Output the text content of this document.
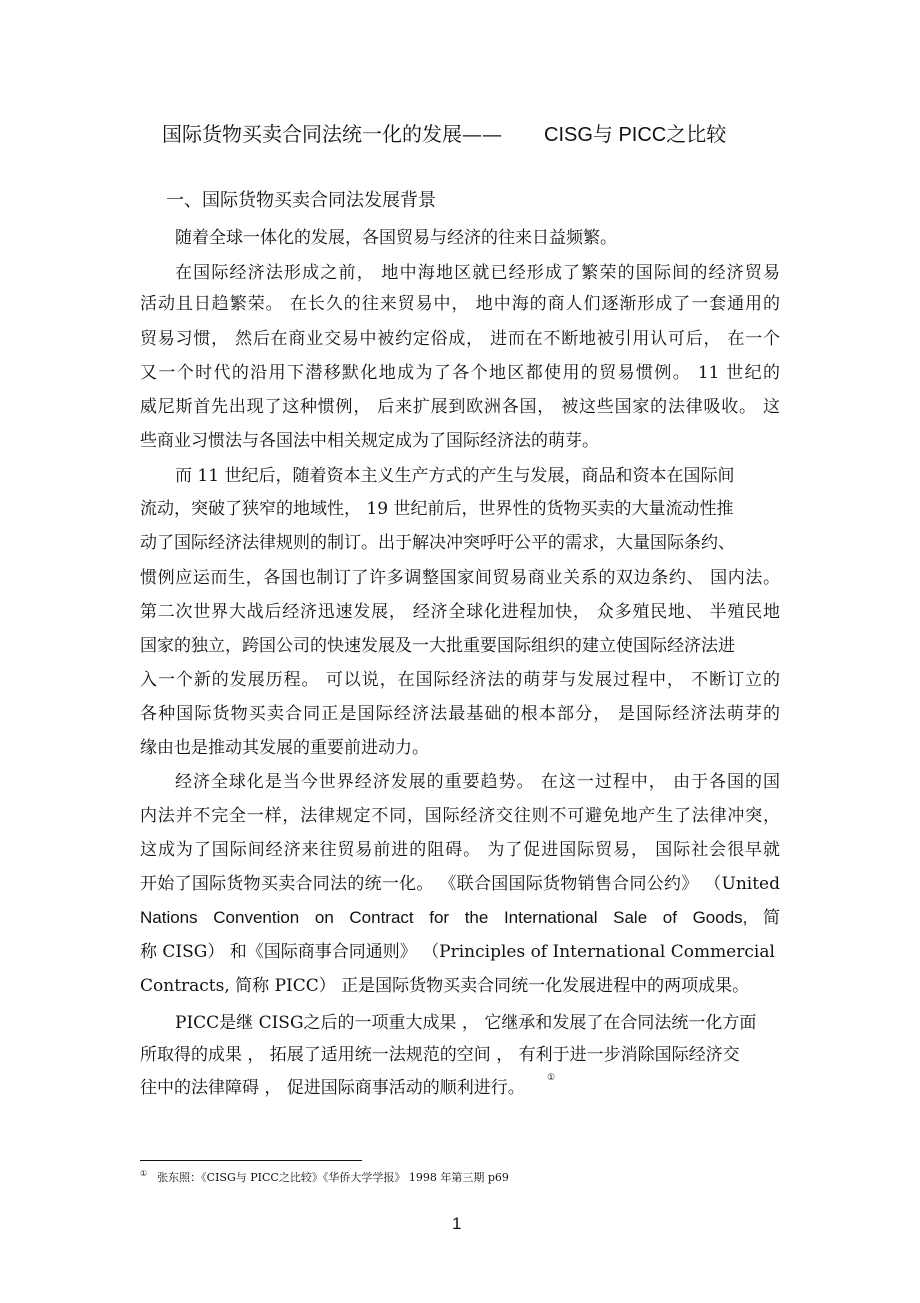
国际货物买卖合同法统一化的发展—— CISG与 PICC之比较
一、国际货物买卖合同法发展背景
随着全球一体化的发展，各国贸易与经济的往来日益频繁。
在国际经济法形成之前， 地中海地区就已经形成了繁荣的国际间的经济贸易
活动且日趋繁荣。 在长久的往来贸易中， 地中海的商人们逐渐形成了一套通用的
贸易习惯， 然后在商业交易中被约定俗成， 进而在不断地被引用认可后， 在一个
又一个时代的沿用下潜移默化地成为了各个地区都使用的贸易惯例。 11 世纪的
威尼斯首先出现了这种惯例， 后来扩展到欧洲各国， 被这些国家的法律吸收。 这
些商业习惯法与各国法中相关规定成为了国际经济法的萌芽。
而 11 世纪后，随着资本主义生产方式的产生与发展，商品和资本在国际间
流动，突破了狭窄的地域性， 19 世纪前后，世界性的货物买卖的大量流动性推
动了国际经济法律规则的制订。出于解决冲突呼吁公平的需求，大量国际条约、
惯例应运而生，各国也制订了许多调整国家间贸易商业关系的双边条约、 国内法。
第二次世界大战后经济迅速发展， 经济全球化进程加快， 众多殖民地、 半殖民地
国家的独立，跨国公司的快速发展及一大批重要国际组织的建立使国际经济法进
入一个新的发展历程。 可以说，在国际经济法的萌芽与发展过程中， 不断订立的
各种国际货物买卖合同正是国际经济法最基础的根本部分， 是国际经济法萌芽的
缘由也是推动其发展的重要前进动力。
经济全球化是当今世界经济发展的重要趋势。 在这一过程中， 由于各国的国
内法并不完全一样，法律规定不同，国际经济交往则不可避免地产生了法律冲突，
这成为了国际间经济来往贸易前进的阻碍。 为了促进国际贸易， 国际社会很早就
开始了国际货物买卖合同法的统一化。 《联合国国际货物销售合同公约》 （United
Nations Convention on Contract for the International Sale of Goods, 简
称 CISG） 和《国际商事合同通则》 （Principles of International Commercial
Contracts, 简称 PICC） 正是国际货物买卖合同统一化发展进程中的两项成果。
PICC是继 CISG之后的一项重大成果 ， 它继承和发展了在合同法统一化方面
所取得的成果 ， 拓展了适用统一法规范的空间 ， 有利于进一步消除国际经济交
往中的法律障碍 ， 促进国际商事活动的顺利进行。	①
① 张东照：《CISG与 PICC之比较》《华侨大学学报》 1998 年第三期 p69
1
